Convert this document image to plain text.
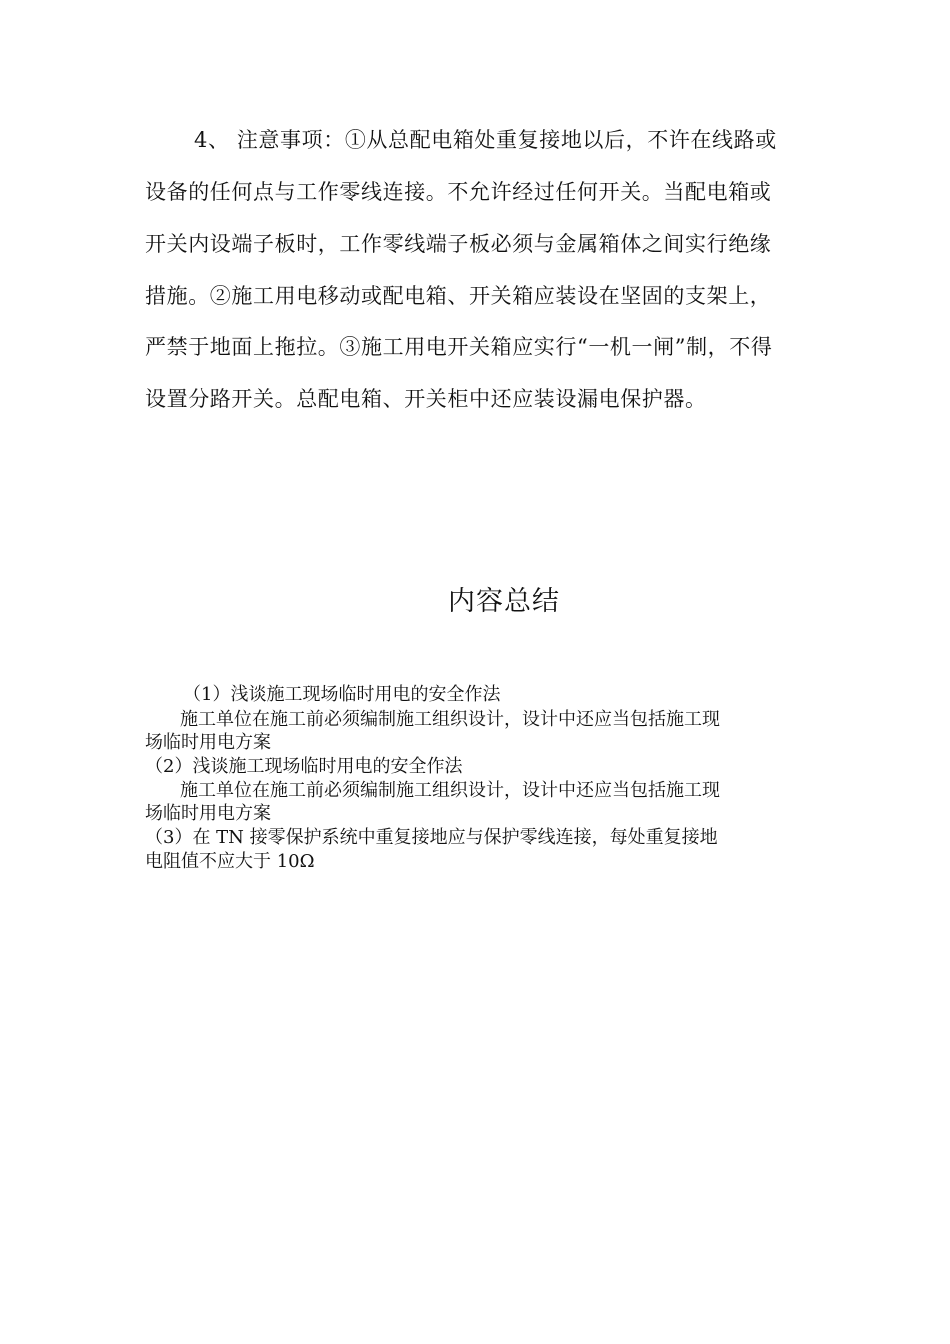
4、 注意事项：①从总配电箱处重复接地以后，不许在线路或

设备的任何点与工作零线连接。不允许经过任何开关。当配电箱或

开关内设端子板时，工作零线端子板必须与金属箱体之间实行绝缘

措施。②施工用电移动或配电箱、开关箱应装设在坚固的支架上，

严禁于地面上拖拉。③施工用电开关箱应实行“一机一闸”制，不得

设置分路开关。总配电箱、开关柜中还应装设漏电保护器。

内容总结

（1）浅谈施工现场临时用电的安全作法

施工单位在施工前必须编制施工组织设计，设计中还应当包括施工现

场临时用电方案

（2）浅谈施工现场临时用电的安全作法

施工单位在施工前必须编制施工组织设计，设计中还应当包括施工现

场临时用电方案

（3）在 TN 接零保护系统中重复接地应与保护零线连接，每处重复接地

电阻值不应大于 10Ω
